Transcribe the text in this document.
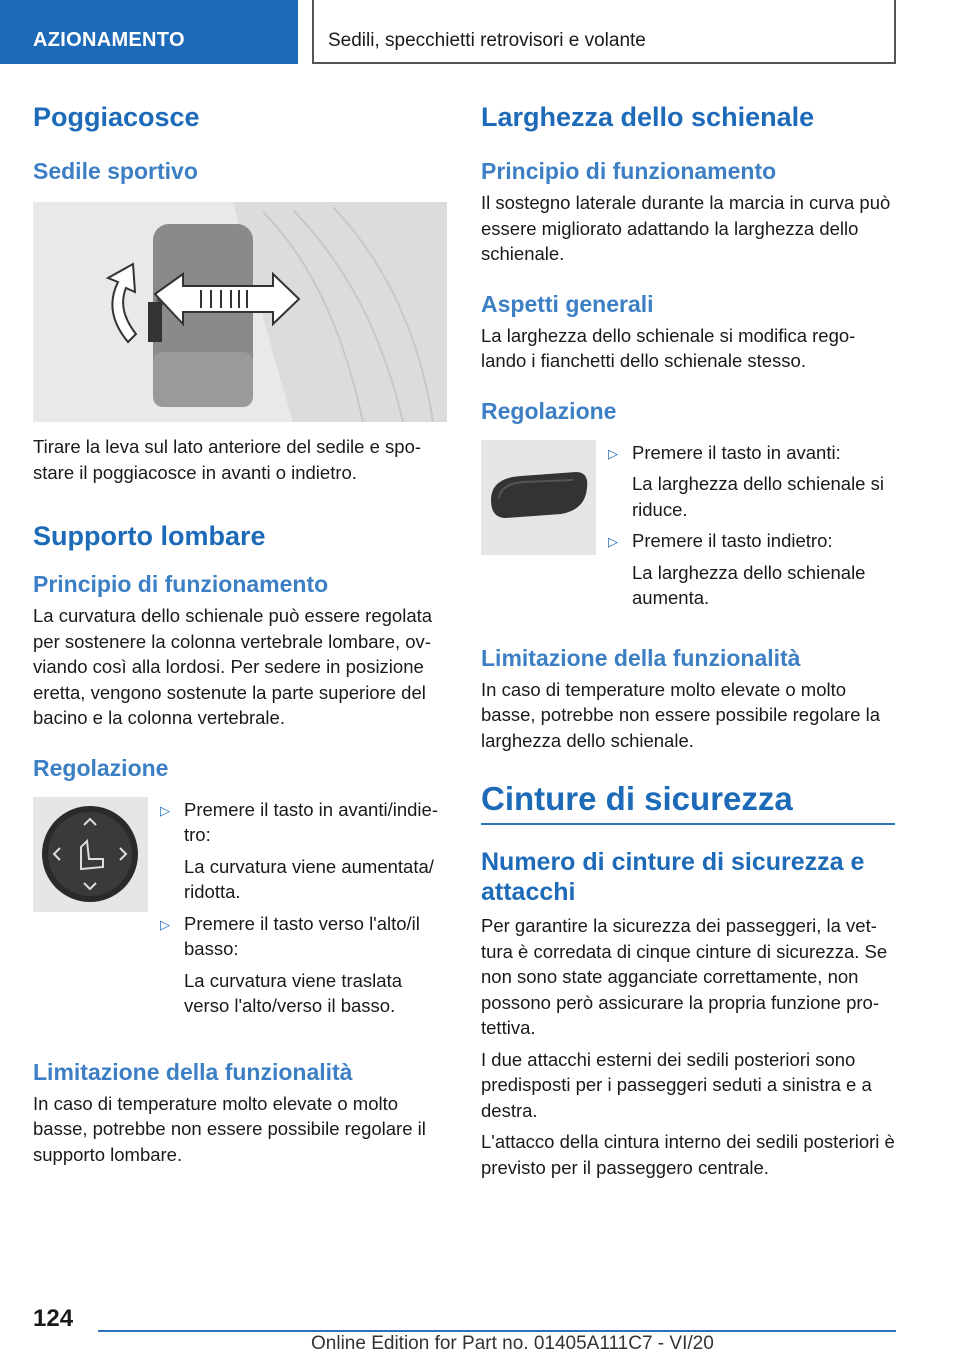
AZIONAMENTO	Sedili, specchietti retrovisori e volante
Poggiacosce
Sedile sportivo

Tirare la leva sul lato anteriore del sedile e spo-stare il poggiacosce in avanti o indietro.

Supporto lombare
Principio di funzionamento

La curvatura dello schienale può essere regolata per sostenere la colonna vertebrale lombare, ov-viando così alla lordosi. Per sedere in posizione eretta, vengono sostenute la parte superiore del bacino e la colonna vertebrale.

Regolazione
▷ Premere il tasto in avanti/indie-tro:
La curvatura viene aumentata/ ridotta.
▷ Premere il tasto verso l'alto/il basso:
La curvatura viene traslata verso l'alto/verso il basso.
Limitazione della funzionalità

In caso di temperature molto elevate o molto basse, potrebbe non essere possibile regolare il supporto lombare.

Larghezza dello schienale
Principio di funzionamento

Il sostegno laterale durante la marcia in curva può essere migliorato adattando la larghezza dello schienale.

Aspetti generali

La larghezza dello schienale si modifica rego-lando i fianchetti dello schienale stesso.

Regolazione
▷ Premere il tasto in avanti:
La larghezza dello schienale si riduce.
▷ Premere il tasto indietro:
La larghezza dello schienale aumenta.
Limitazione della funzionalità

In caso di temperature molto elevate o molto basse, potrebbe non essere possibile regolare la larghezza dello schienale.

Cinture di sicurezza
Numero di cinture di sicurezza e attacchi

Per garantire la sicurezza dei passeggeri, la vet-tura è corredata di cinque cinture di sicurezza. Se non sono state agganciate correttamente, non possono però assicurare la propria funzione pro-tettiva.

I due attacchi esterni dei sedili posteriori sono predisposti per i passeggeri seduti a sinistra e a destra.

L'attacco della cintura interno dei sedili posteriori è previsto per il passeggero centrale.

124
Online Edition for Part no. 01405A111C7 - VI/20
